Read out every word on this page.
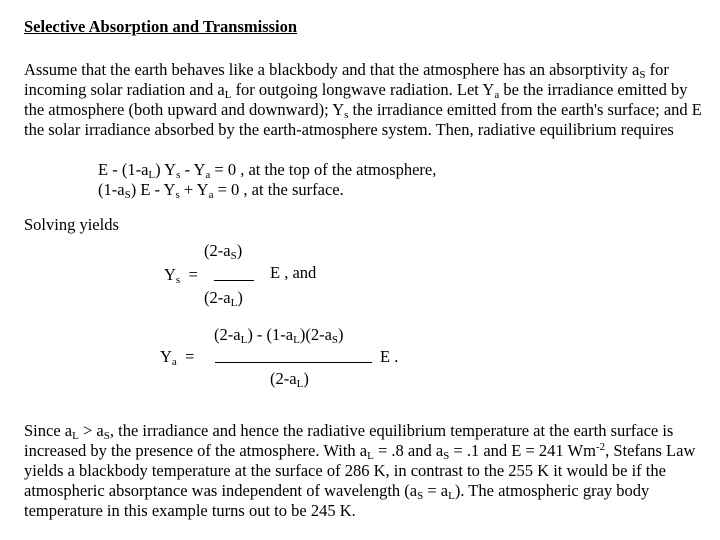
Selective Absorption and Transmission

Assume that the earth behaves like a blackbody and that the atmosphere has an absorptivity $a_S$ for incoming solar radiation and $a_L$ for outgoing longwave radiation. Let $Y_a$ be the irradiance emitted by the atmosphere (both upward and downward); $Y_s$ the irradiance emitted from the earth's surface; and E the solar irradiance absorbed by the earth-atmosphere system. Then, radiative equilibrium requires

E - $(1-a_L)$ $Y_s - Y_a = 0$ , at the top of the atmosphere,

$(1-a_S)$ $E - Y_s + Y_a = 0$ , at the surface.

Solving yields

$(2-a_S)$
$Y_s$ =	E , and
$(2-a_L)$
$(2-a_L) - (1-a_L)(2-a_S)$
$Y_a$ =	E .
$(2-a_L)$

Since $a_L > a_S$, the irradiance and hence the radiative equilibrium temperature at the earth surface is increased by the presence of the atmosphere. With $a_L = .8$ and $a_S = .1$ and E = 241 $Wm^{-2}$, Stefans Law yields a blackbody temperature at the surface of 286 K, in contrast to the 255 K it would be if the atmospheric absorptance was independent of wavelength $(a_S = a_L)$. The atmospheric gray body temperature in this example turns out to be 245 K.
